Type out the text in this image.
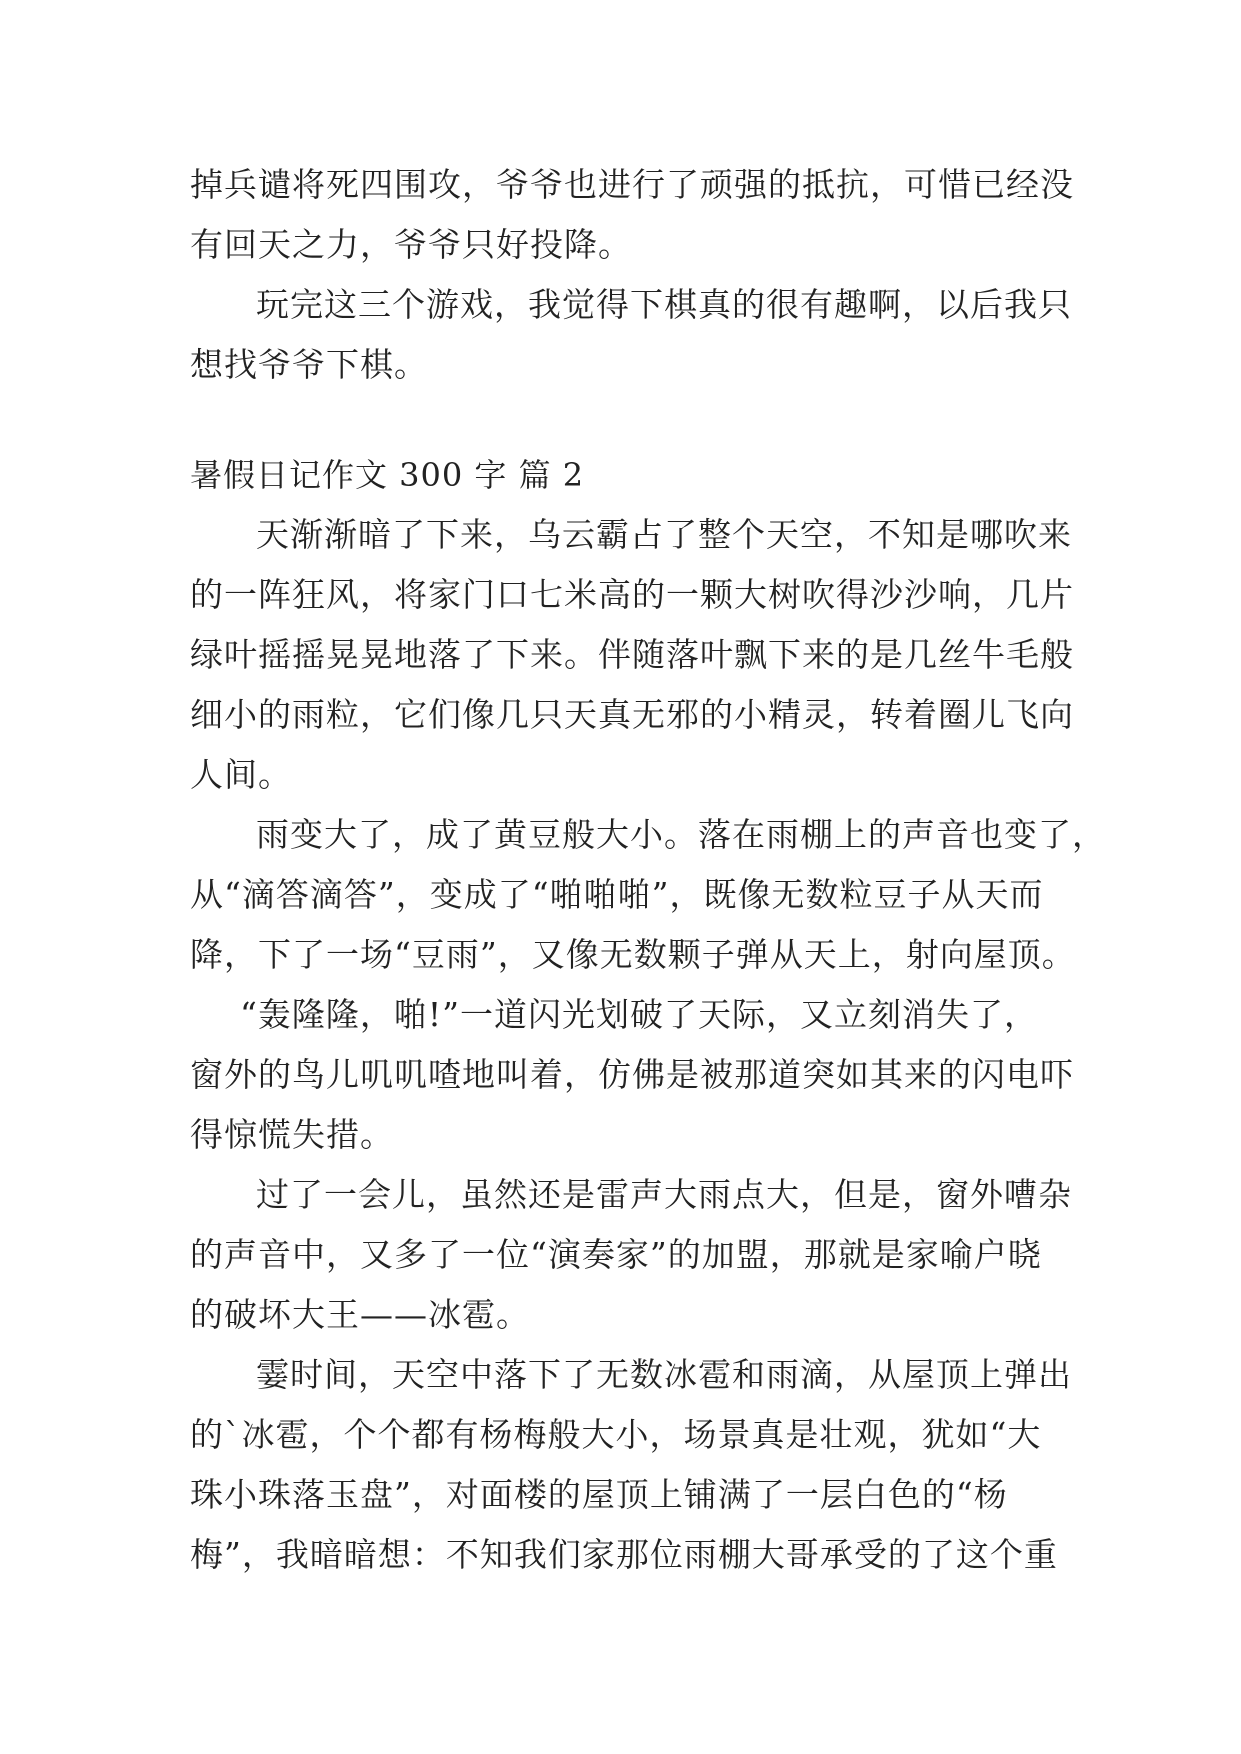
掉兵谴将死四围攻，爷爷也进行了顽强的抵抗，可惜已经没
有回天之力，爷爷只好投降。
玩完这三个游戏，我觉得下棋真的很有趣啊，以后我只
想找爷爷下棋。
暑假日记作文 300 字 篇 2
天渐渐暗了下来，乌云霸占了整个天空，不知是哪吹来
的一阵狂风，将家门口七米高的一颗大树吹得沙沙响，几片
绿叶摇摇晃晃地落了下来。伴随落叶飘下来的是几丝牛毛般
细小的雨粒，它们像几只天真无邪的小精灵，转着圈儿飞向
人间。
雨变大了，成了黄豆般大小。落在雨棚上的声音也变了，
从“滴答滴答”，变成了“啪啪啪”，既像无数粒豆子从天而
降，下了一场“豆雨”，又像无数颗子弹从天上，射向屋顶。
“轰隆隆，啪!”一道闪光划破了天际，又立刻消失了，
窗外的鸟儿叽叽喳地叫着，仿佛是被那道突如其来的闪电吓
得惊慌失措。
过了一会儿，虽然还是雷声大雨点大，但是，窗外嘈杂
的声音中，又多了一位“演奏家”的加盟，那就是家喻户晓
的破坏大王——冰雹。
霎时间，天空中落下了无数冰雹和雨滴，从屋顶上弹出
的`冰雹，个个都有杨梅般大小，场景真是壮观，犹如“大
珠小珠落玉盘”，对面楼的屋顶上铺满了一层白色的“杨
梅”，我暗暗想：不知我们家那位雨棚大哥承受的了这个重
